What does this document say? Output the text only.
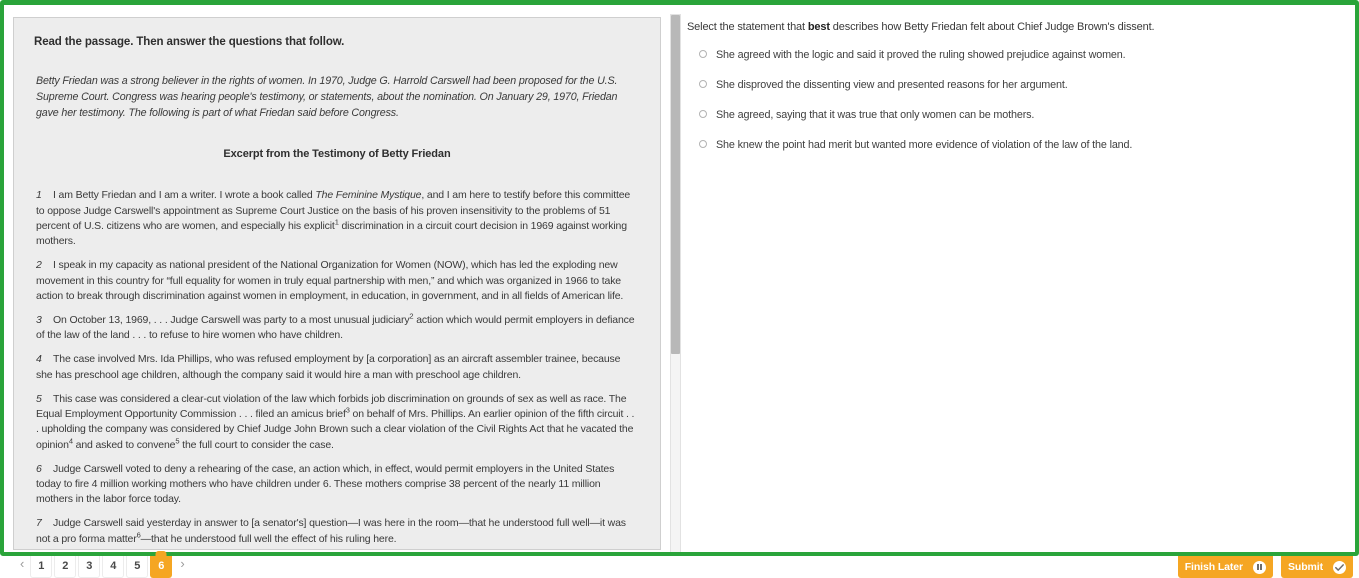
Read the passage. Then answer the questions that follow.
Betty Friedan was a strong believer in the rights of women. In 1970, Judge G. Harrold Carswell had been proposed for the U.S. Supreme Court. Congress was hearing people's testimony, or statements, about the nomination. On January 29, 1970, Friedan gave her testimony. The following is part of what Friedan said before Congress.
Excerpt from the Testimony of Betty Friedan
1 I am Betty Friedan and I am a writer. I wrote a book called The Feminine Mystique, and I am here to testify before this committee to oppose Judge Carswell's appointment as Supreme Court Justice on the basis of his proven insensitivity to the problems of 51 percent of U.S. citizens who are women, and especially his explicit$^1$ discrimination in a circuit court decision in 1969 against working mothers.
2 I speak in my capacity as national president of the National Organization for Women (NOW), which has led the exploding new movement in this country for “full equality for women in truly equal partnership with men,” and which was organized in 1966 to take action to break through discrimination against women in employment, in education, in government, and in all fields of American life.
3 On October 13, 1969, . . . Judge Carswell was party to a most unusual judiciary$^2$ action which would permit employers in defiance of the law of the land . . . to refuse to hire women who have children.
4 The case involved Mrs. Ida Phillips, who was refused employment by [a corporation] as an aircraft assembler trainee, because she has preschool age children, although the company said it would hire a man with preschool age children.
5 This case was considered a clear-cut violation of the law which forbids job discrimination on grounds of sex as well as race. The Equal Employment Opportunity Commission . . . filed an amicus brief$^3$ on behalf of Mrs. Phillips. An earlier opinion of the fifth circuit . . . upholding the company was considered by Chief Judge John Brown such a clear violation of the Civil Rights Act that he vacated the opinion$^4$ and asked to convene$^5$ the full court to consider the case.
6 Judge Carswell voted to deny a rehearing of the case, an action which, in effect, would permit employers in the United States today to fire 4 million working mothers who have children under 6. These mothers comprise 38 percent of the nearly 11 million mothers in the labor force today.
7 Judge Carswell said yesterday in answer to [a senator's] question—I was here in the room—that he understood full well—it was not a pro forma matter$^6$—that he understood full well the effect of his ruling here.
Select the statement that best describes how Betty Friedan felt about Chief Judge Brown's dissent.
She agreed with the logic and said it proved the ruling showed prejudice against women.
She disproved the dissenting view and presented reasons for her argument.
She agreed, saying that it was true that only women can be mothers.
She knew the point had merit but wanted more evidence of violation of the law of the land.
‹	1	2	3	4	5	6	›	Finish Later	Submit
